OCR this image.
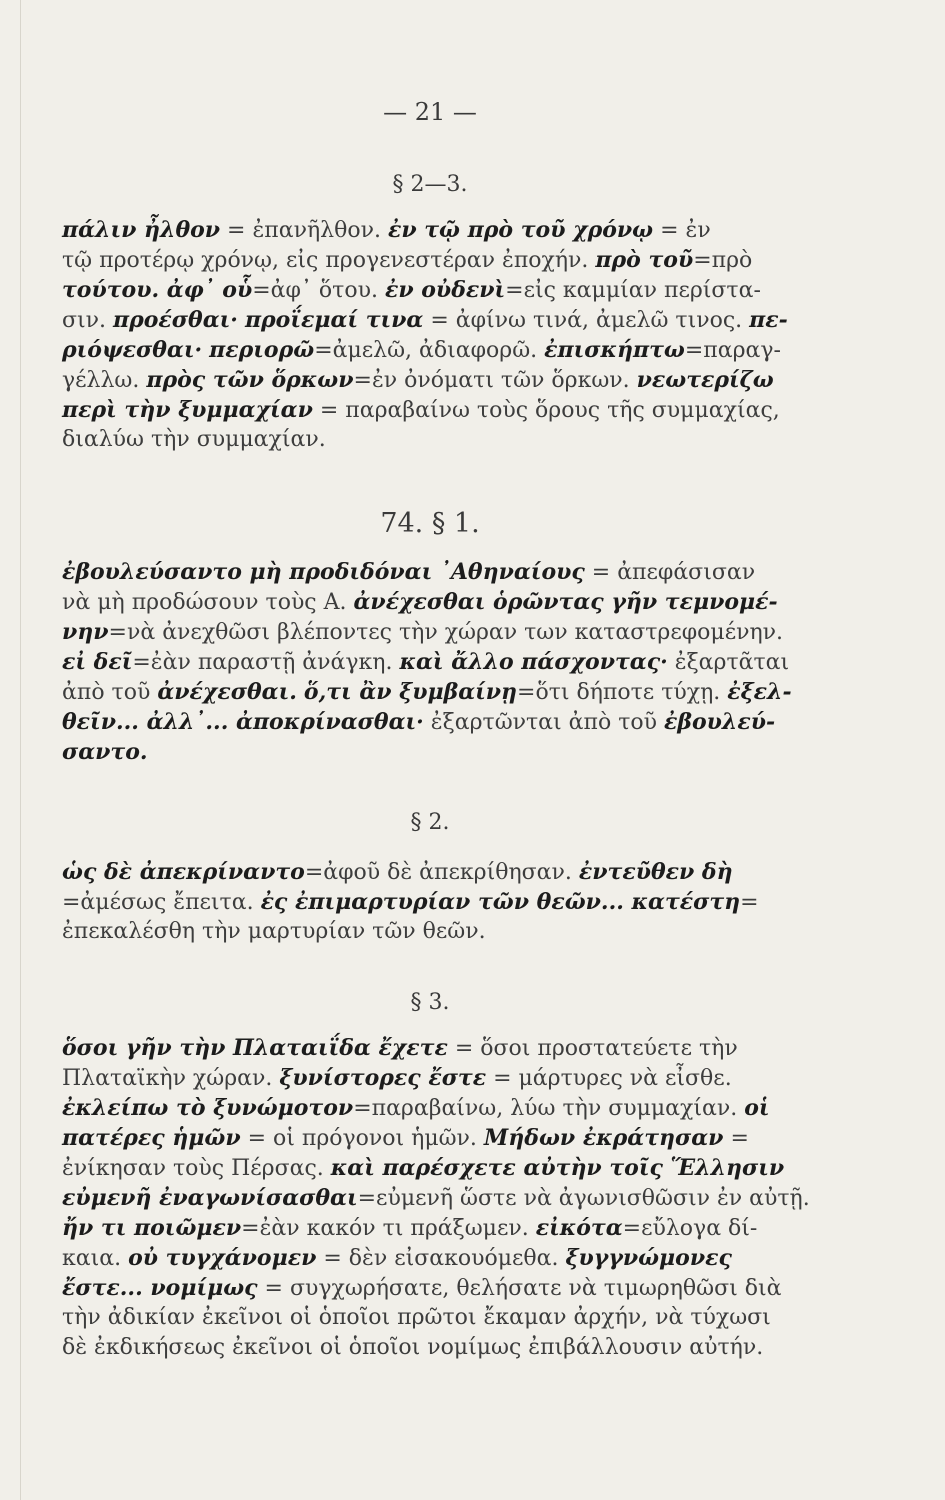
— 21 —
§ 2—3.
πάλιν ἦλθον = ἐπανῆλθον. ἐν τῷ πρὸ τοῦ χρόνῳ = ἐν
τῷ προτέρῳ χρόνῳ, εἰς προγενεστέραν ἐποχήν. πρὸ τοῦ=πρὸ
τούτου. ἀφ᾽ οὗ=ἀφ᾽ ὅτου. ἐν οὐδενὶ=εἰς καμμίαν περίστα-
σιν. προέσθαι· προΐεμαί τινα = ἀφίνω τινά, ἀμελῶ τινος. πε-
ριόψεσθαι· περιορῶ=ἀμελῶ, ἀδιαφορῶ. ἐπισκήπτω=παραγ-
γέλλω. πρὸς τῶν ὅρκων=ἐν ὀνόματι τῶν ὅρκων. νεωτερίζω
περὶ τὴν ξυμμαχίαν = παραβαίνω τοὺς ὅρους τῆς συμμαχίας,
διαλύω τὴν συμμαχίαν.
74. § 1.
ἐβουλεύσαντο μὴ προδιδόναι ᾽Αθηναίους = ἀπεφάσισαν
νὰ μὴ προδώσουν τοὺς Α. ἀνέχεσθαι ὁρῶντας γῆν τεμνομέ-
νην=νὰ ἀνεχθῶσι βλέποντες τὴν χώραν των καταστρεφομένην.
εἰ δεῖ=ἐὰν παραστῇ ἀνάγκη. καὶ ἄλλο πάσχοντας· ἐξαρτᾶται
ἀπὸ τοῦ ἀνέχεσθαι. ὅ,τι ἂν ξυμβαίνῃ=ὅτι δήποτε τύχῃ. ἐξελ-
θεῖν... ἀλλ᾽... ἀποκρίνασθαι· ἐξαρτῶνται ἀπὸ τοῦ ἐβουλεύ-
σαντο.
§ 2.
ὡς δὲ ἀπεκρίναντο=ἀφοῦ δὲ ἀπεκρίθησαν. ἐντεῦθεν δὴ
=ἀμέσως ἔπειτα. ἐς ἐπιμαρτυρίαν τῶν θεῶν... κατέστη=
ἐπεκαλέσθη τὴν μαρτυρίαν τῶν θεῶν.
§ 3.
ὅσοι γῆν τὴν Πλαταιΐδα ἔχετε = ὅσοι προστατεύετε τὴν
Πλαταϊκὴν χώραν. ξυνίστορες ἔστε = μάρτυρες νὰ εἶσθε.
ἐκλείπω τὸ ξυνώμοτον=παραβαίνω, λύω τὴν συμμαχίαν. οἱ
πατέρες ἡμῶν = οἱ πρόγονοι ἡμῶν. Μήδων ἐκράτησαν =
ἐνίκησαν τοὺς Πέρσας. καὶ παρέσχετε αὐτὴν τοῖς Ἕλλησιν
εὐμενῆ ἐναγωνίσασθαι=εὐμενῆ ὥστε νὰ ἀγωνισθῶσιν ἐν αὐτῇ.
ἤν τι ποιῶμεν=ἐὰν κακόν τι πράξωμεν. εἰκότα=εὔλογα δί-
καια. οὐ τυγχάνομεν = δὲν εἰσακουόμεθα. ξυγγνώμονες
ἔστε... νομίμως = συγχωρήσατε, θελήσατε νὰ τιμωρηθῶσι διὰ
τὴν ἀδικίαν ἐκεῖνοι οἱ ὁποῖοι πρῶτοι ἔκαμαν ἀρχήν, νὰ τύχωσι
δὲ ἐκδικήσεως ἐκεῖνοι οἱ ὁποῖοι νομίμως ἐπιβάλλουσιν αὐτήν.
